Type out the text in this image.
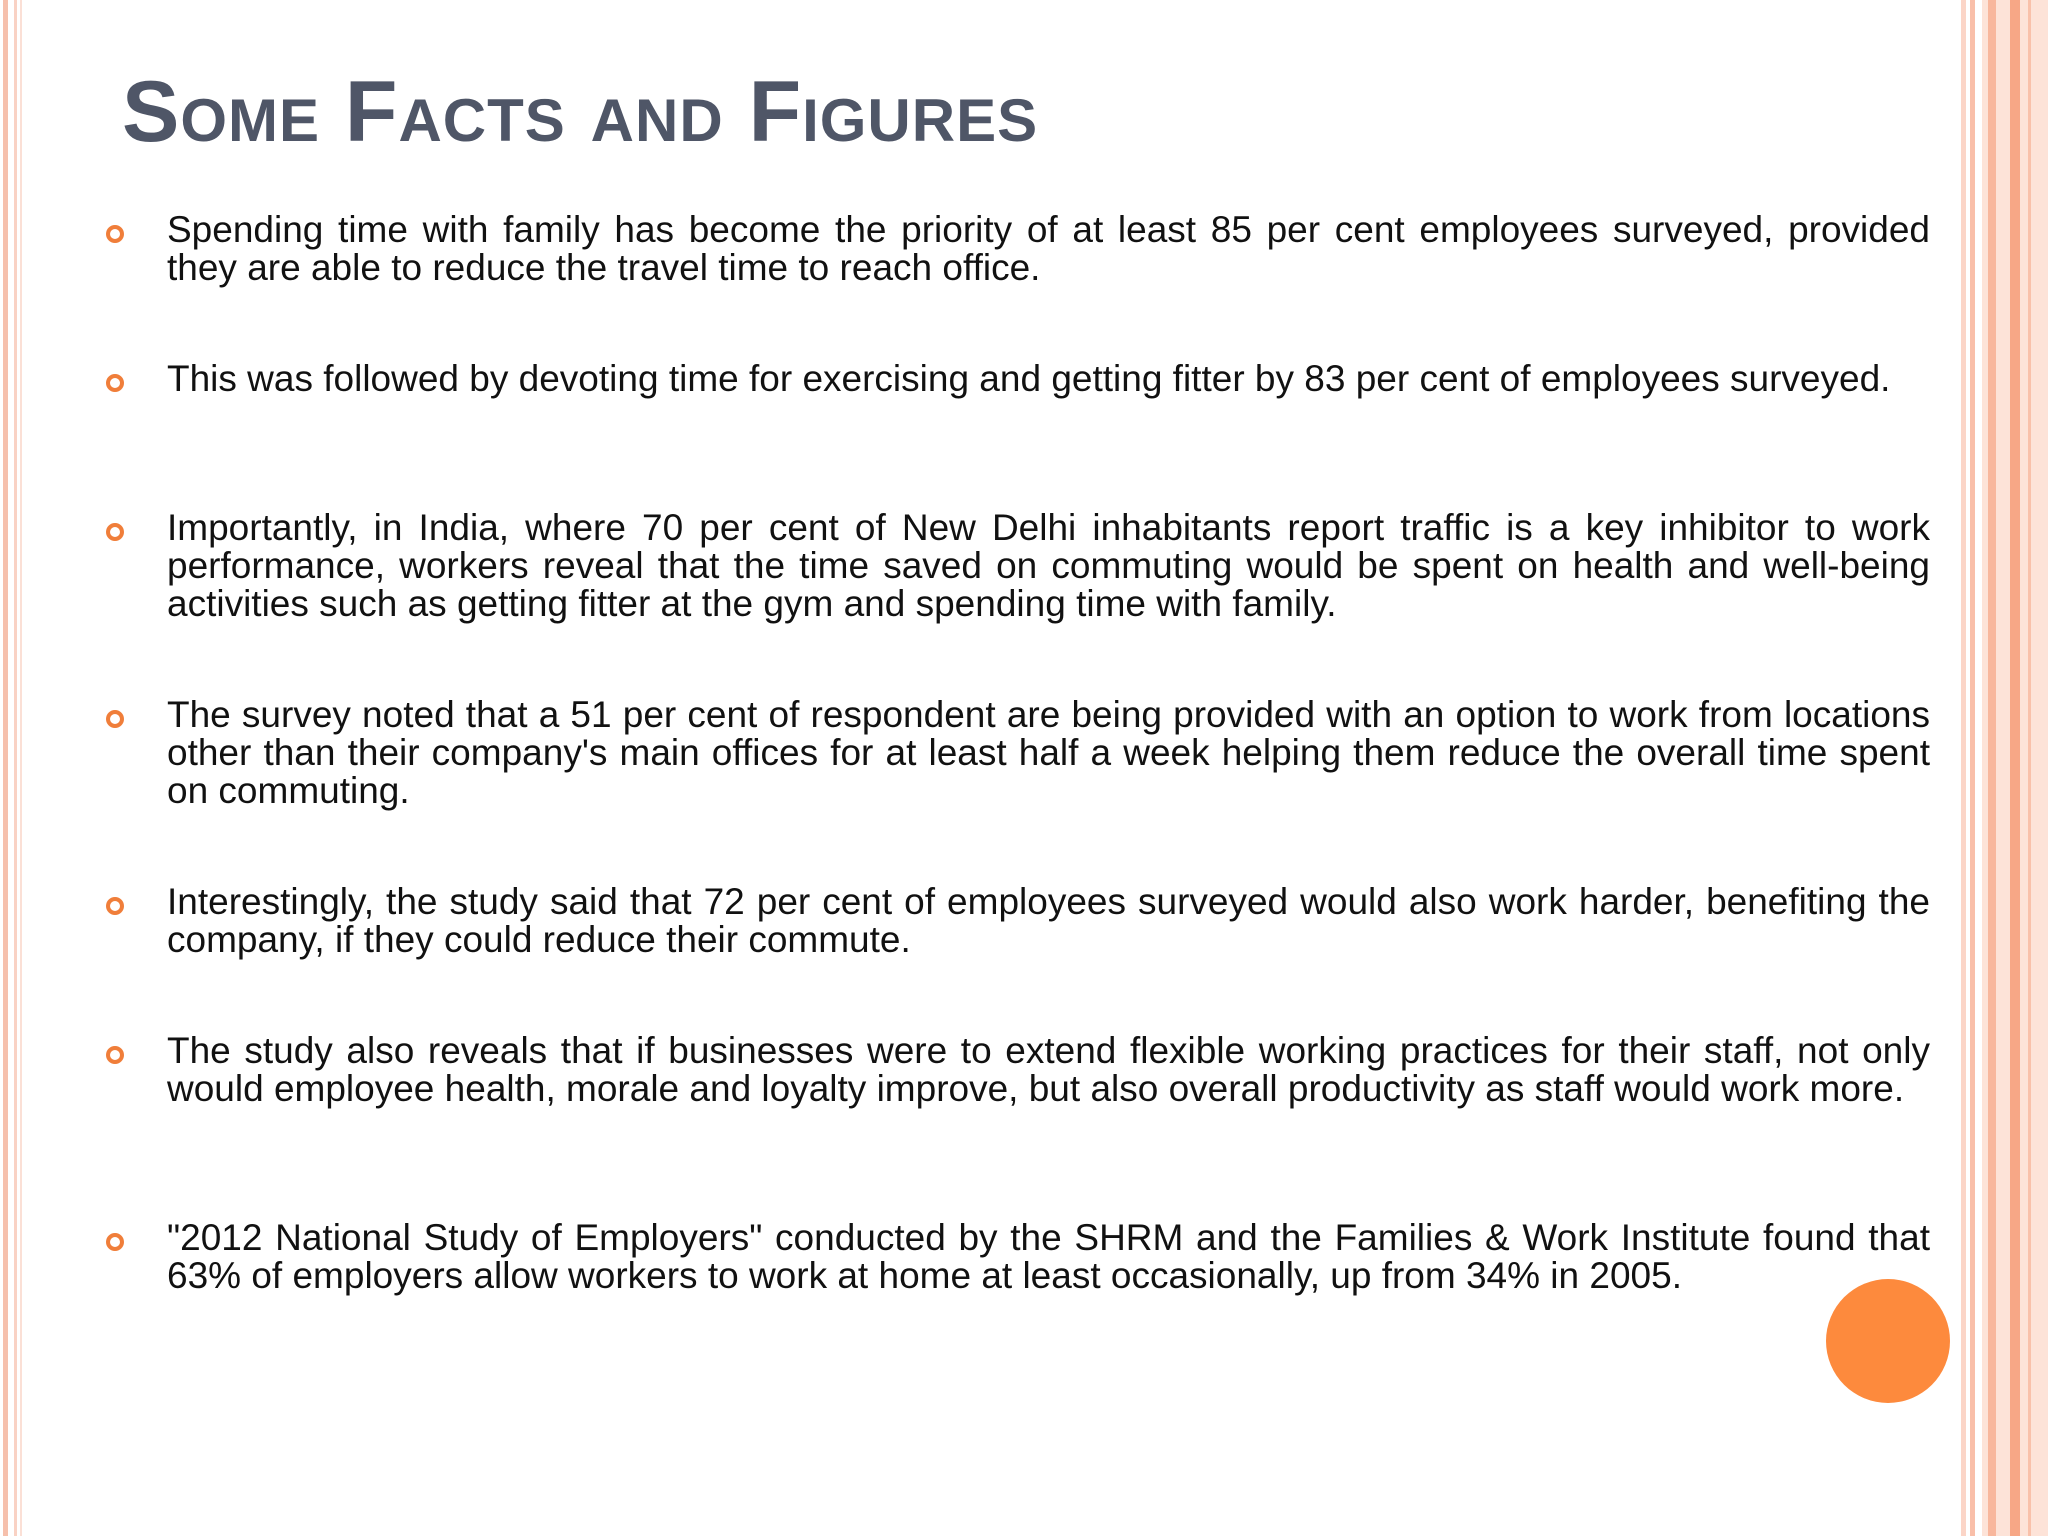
Some Facts and Figures

Spending time with family has become the priority of at least 85 per cent employees surveyed, provided they are able to reduce the travel time to reach office.

This was followed by devoting time for exercising and getting fitter by 83 per cent of employees surveyed.

Importantly, in India, where 70 per cent of New Delhi inhabitants report traffic is a key inhibitor to work performance, workers reveal that the time saved on commuting would be spent on health and well-being activities such as getting fitter at the gym and spending time with family.

The survey noted that a 51 per cent of respondent are being provided with an option to work from locations other than their company's main offices for at least half a week helping them reduce the overall time spent on commuting.

Interestingly, the study said that 72 per cent of employees surveyed would also work harder, benefiting the company, if they could reduce their commute.

The study also reveals that if businesses were to extend flexible working practices for their staff, not only would employee health, morale and loyalty improve, but also overall productivity as staff would work more.

"2012 National Study of Employers" conducted by the SHRM and the Families & Work Institute found that 63% of employers allow workers to work at home at least occasionally, up from 34% in 2005.
